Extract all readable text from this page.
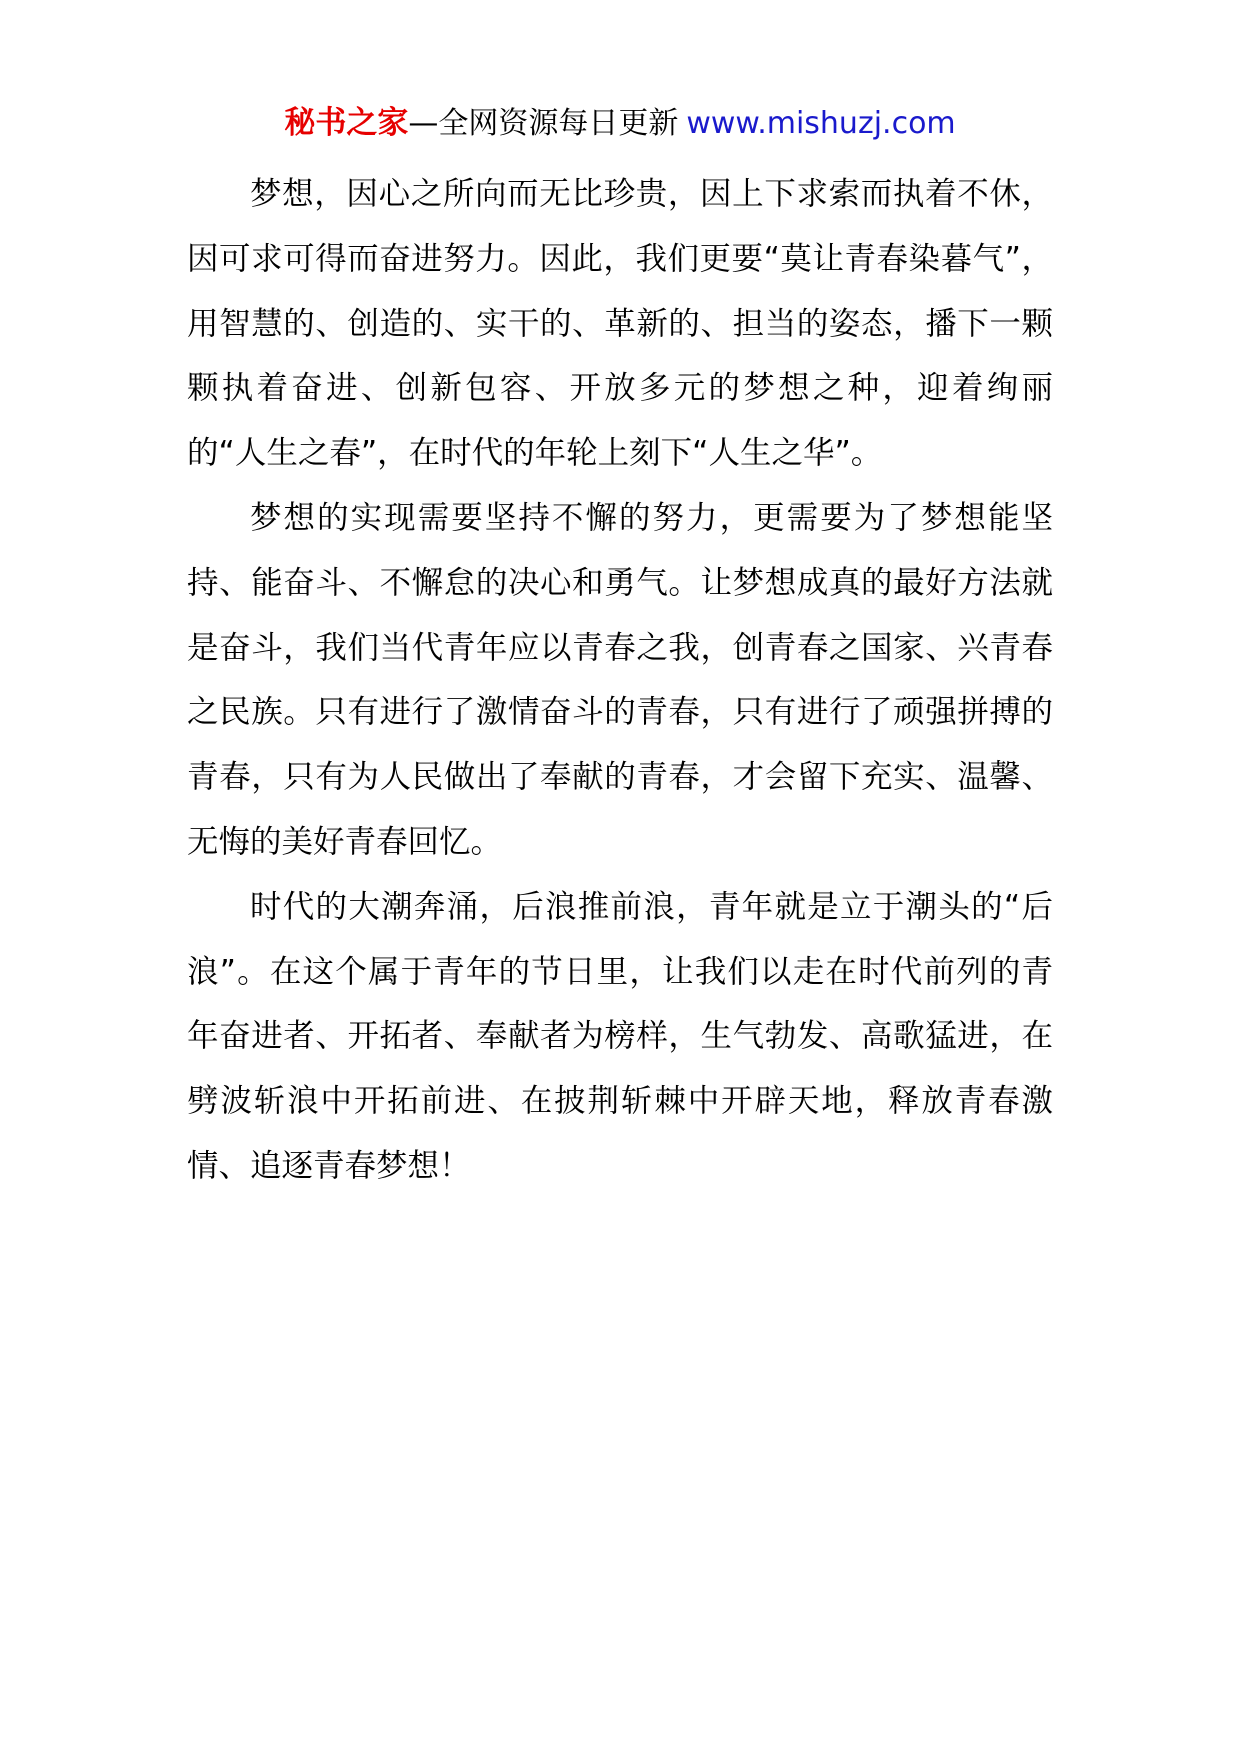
秘书之家—全网资源每日更新 www.mishuzj.com

梦想，因心之所向而无比珍贵，因上下求索而执着不休，因可求可得而奋进努力。因此，我们更要“莫让青春染暮气”，用智慧的、创造的、实干的、革新的、担当的姿态，播下一颗颗执着奋进、创新包容、开放多元的梦想之种，迎着绚丽的“人生之春”，在时代的年轮上刻下“人生之华”。

梦想的实现需要坚持不懈的努力，更需要为了梦想能坚持、能奋斗、不懈怠的决心和勇气。让梦想成真的最好方法就是奋斗，我们当代青年应以青春之我，创青春之国家、兴青春之民族。只有进行了激情奋斗的青春，只有进行了顽强拼搏的青春，只有为人民做出了奉献的青春，才会留下充实、温馨、无悔的美好青春回忆。

时代的大潮奔涌，后浪推前浪，青年就是立于潮头的“后浪”。在这个属于青年的节日里，让我们以走在时代前列的青年奋进者、开拓者、奉献者为榜样，生气勃发、高歌猛进，在劈波斩浪中开拓前进、在披荆斩棘中开辟天地，释放青春激情、追逐青春梦想！
